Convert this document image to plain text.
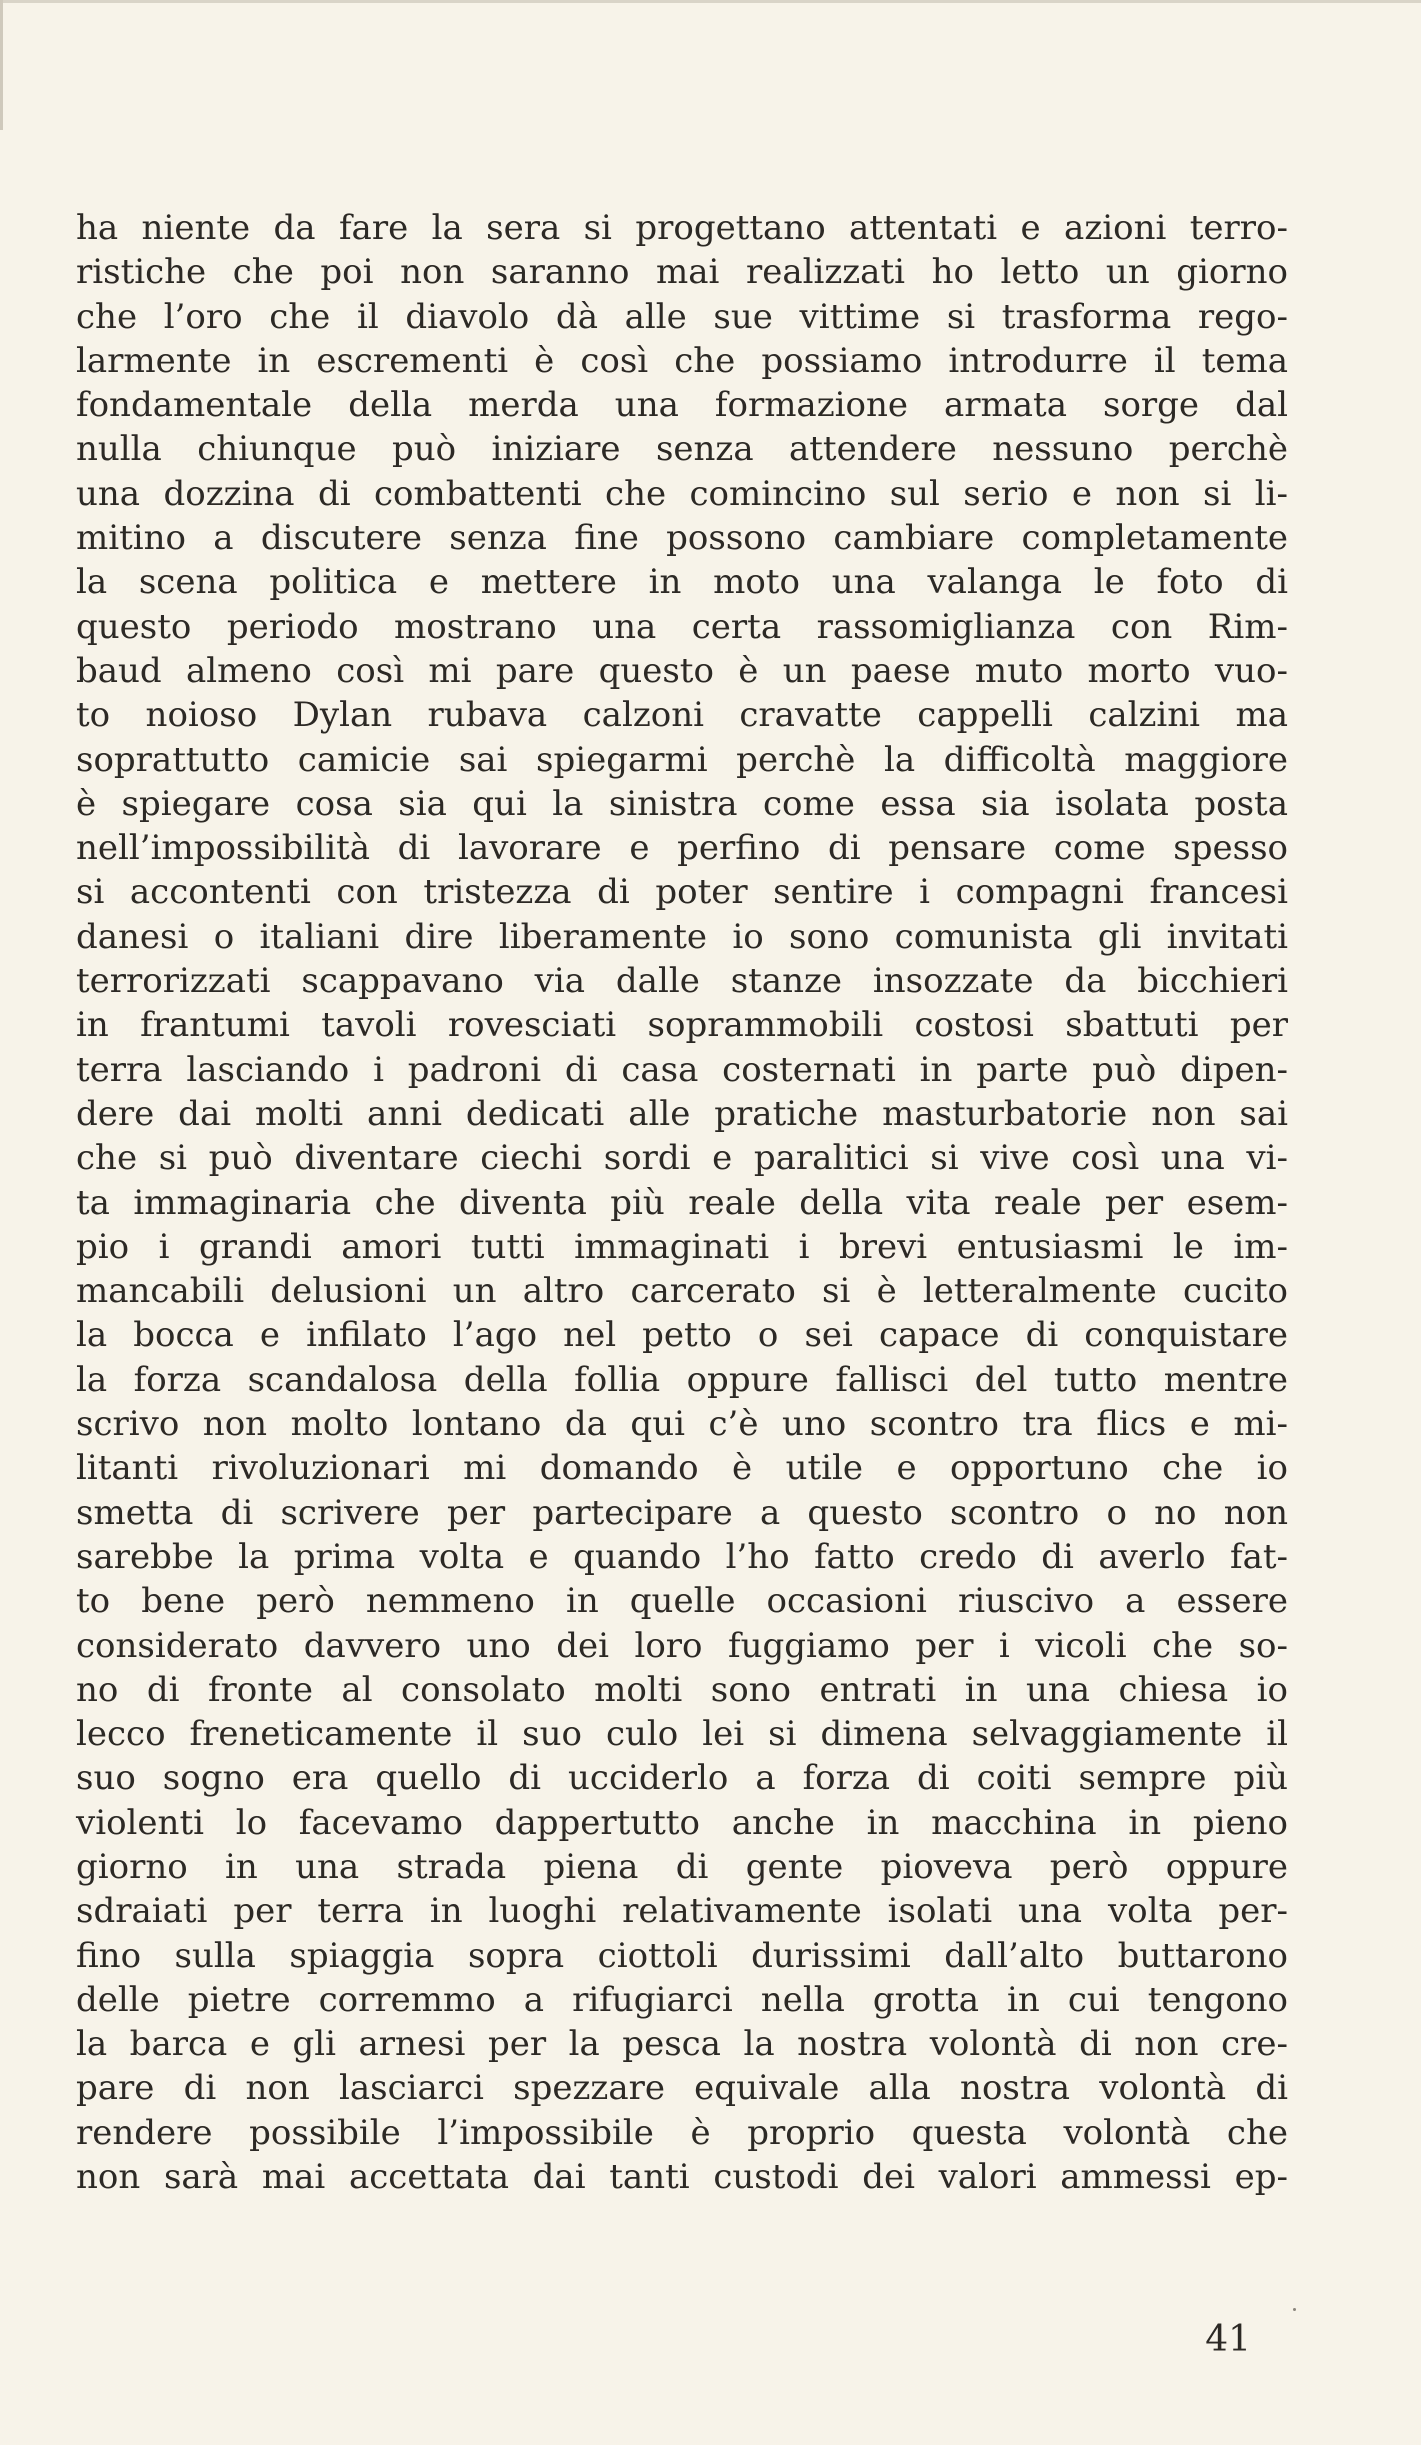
ha niente da fare la sera si progettano attentati e azioni terro-
ristiche che poi non saranno mai realizzati ho letto un giorno
che l’oro che il diavolo dà alle sue vittime si trasforma rego-
larmente in escrementi è così che possiamo introdurre il tema
fondamentale della merda una formazione armata sorge dal
nulla chiunque può iniziare senza attendere nessuno perchè
una dozzina di combattenti che comincino sul serio e non si li-
mitino a discutere senza fine possono cambiare completamente
la scena politica e mettere in moto una valanga le foto di
questo periodo mostrano una certa rassomiglianza con Rim-
baud almeno così mi pare questo è un paese muto morto vuo-
to noioso Dylan rubava calzoni cravatte cappelli calzini ma
soprattutto camicie sai spiegarmi perchè la difficoltà maggiore
è spiegare cosa sia qui la sinistra come essa sia isolata posta
nell’impossibilità di lavorare e perfino di pensare come spesso
si accontenti con tristezza di poter sentire i compagni francesi
danesi o italiani dire liberamente io sono comunista gli invitati
terrorizzati scappavano via dalle stanze insozzate da bicchieri
in frantumi tavoli rovesciati soprammobili costosi sbattuti per
terra lasciando i padroni di casa costernati in parte può dipen-
dere dai molti anni dedicati alle pratiche masturbatorie non sai
che si può diventare ciechi sordi e paralitici si vive così una vi-
ta immaginaria che diventa più reale della vita reale per esem-
pio i grandi amori tutti immaginati i brevi entusiasmi le im-
mancabili delusioni un altro carcerato si è letteralmente cucito
la bocca e infilato l’ago nel petto o sei capace di conquistare
la forza scandalosa della follia oppure fallisci del tutto mentre
scrivo non molto lontano da qui c’è uno scontro tra flics e mi-
litanti rivoluzionari mi domando è utile e opportuno che io
smetta di scrivere per partecipare a questo scontro o no non
sarebbe la prima volta e quando l’ho fatto credo di averlo fat-
to bene però nemmeno in quelle occasioni riuscivo a essere
considerato davvero uno dei loro fuggiamo per i vicoli che so-
no di fronte al consolato molti sono entrati in una chiesa io
lecco freneticamente il suo culo lei si dimena selvaggiamente il
suo sogno era quello di ucciderlo a forza di coiti sempre più
violenti lo facevamo dappertutto anche in macchina in pieno
giorno in una strada piena di gente pioveva però oppure
sdraiati per terra in luoghi relativamente isolati una volta per-
fino sulla spiaggia sopra ciottoli durissimi dall’alto buttarono
delle pietre corremmo a rifugiarci nella grotta in cui tengono
la barca e gli arnesi per la pesca la nostra volontà di non cre-
pare di non lasciarci spezzare equivale alla nostra volontà di
rendere possibile l’impossibile è proprio questa volontà che
non sarà mai accettata dai tanti custodi dei valori ammessi ep-
41
